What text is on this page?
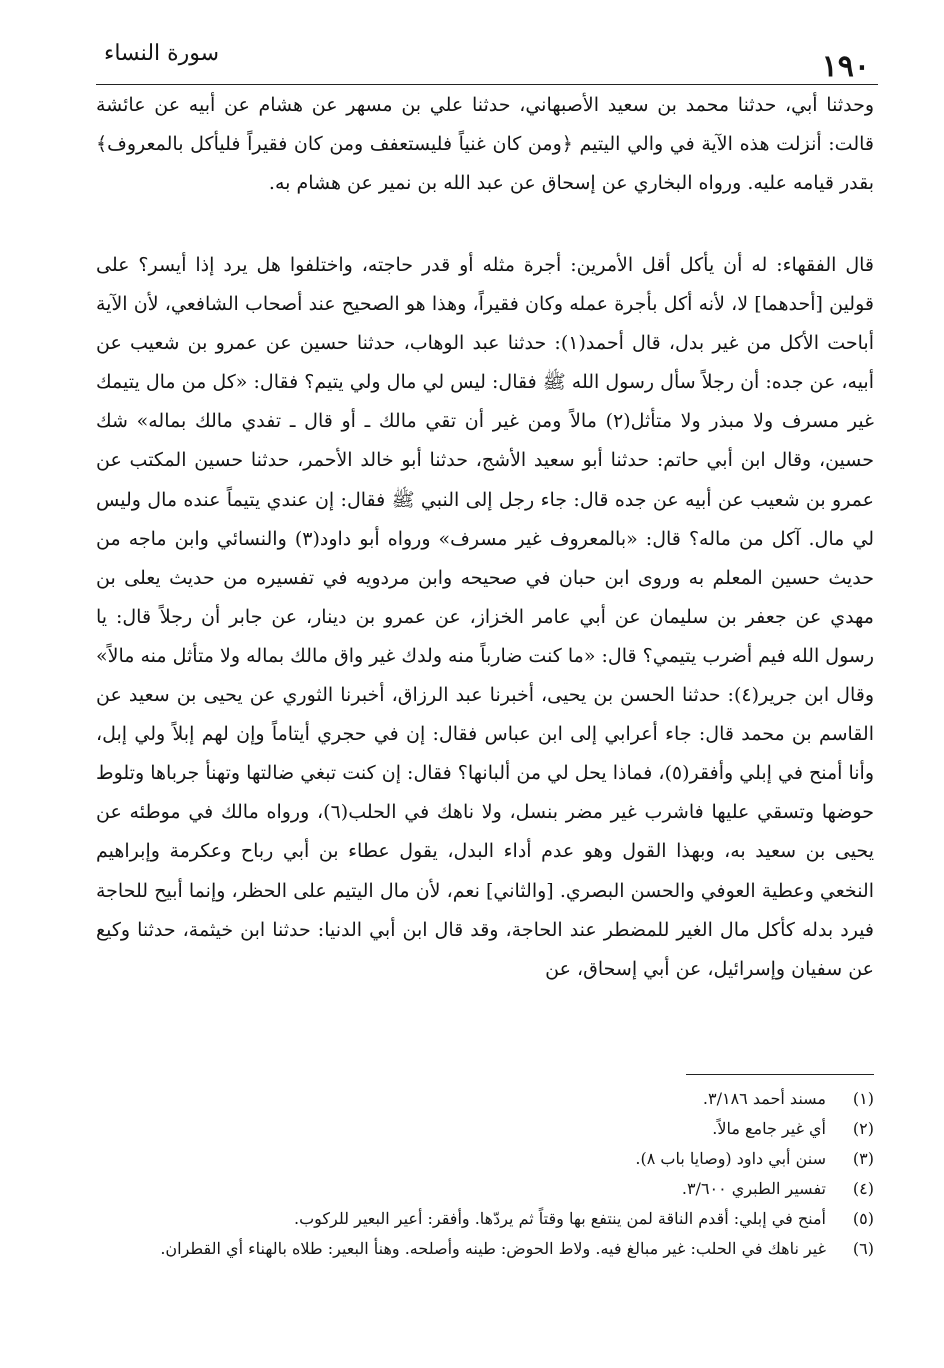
١٩٠
سورة النساء

وحدثنا أبي، حدثنا محمد بن سعيد الأصبهاني، حدثنا علي بن مسهر عن هشام عن أبيه عن عائشة قالت: أنزلت هذه الآية في والي اليتيم ﴿ومن كان غنياً فليستعفف ومن كان فقيراً فليأكل بالمعروف﴾ بقدر قيامه عليه. ورواه البخاري عن إسحاق عن عبد الله بن نمير عن هشام به.

قال الفقهاء: له أن يأكل أقل الأمرين: أجرة مثله أو قدر حاجته، واختلفوا هل يرد إذا أيسر؟ على قولين [أحدهما] لا، لأنه أكل بأجرة عمله وكان فقيراً، وهذا هو الصحيح عند أصحاب الشافعي، لأن الآية أباحت الأكل من غير بدل، قال أحمد(١): حدثنا عبد الوهاب، حدثنا حسين عن عمرو بن شعيب عن أبيه، عن جده: أن رجلاً سأل رسول الله ﷺ فقال: ليس لي مال ولي يتيم؟ فقال: «كل من مال يتيمك غير مسرف ولا مبذر ولا متأثل(٢) مالاً ومن غير أن تقي مالك ـ أو قال ـ تفدي مالك بماله» شك حسين، وقال ابن أبي حاتم: حدثنا أبو سعيد الأشج، حدثنا أبو خالد الأحمر، حدثنا حسين المكتب عن عمرو بن شعيب عن أبيه عن جده قال: جاء رجل إلى النبي ﷺ فقال: إن عندي يتيماً عنده مال وليس لي مال. آكل من ماله؟ قال: «بالمعروف غير مسرف» ورواه أبو داود(٣) والنسائي وابن ماجه من حديث حسين المعلم به وروى ابن حبان في صحيحه وابن مردويه في تفسيره من حديث يعلى بن مهدي عن جعفر بن سليمان عن أبي عامر الخزاز، عن عمرو بن دينار، عن جابر أن رجلاً قال: يا رسول الله فيم أضرب يتيمي؟ قال: «ما كنت ضارباً منه ولدك غير واق مالك بماله ولا متأثل منه مالاً» وقال ابن جرير(٤): حدثنا الحسن بن يحيى، أخبرنا عبد الرزاق، أخبرنا الثوري عن يحيى بن سعيد عن القاسم بن محمد قال: جاء أعرابي إلى ابن عباس فقال: إن في حجري أيتاماً وإن لهم إبلاً ولي إبل، وأنا أمنح في إبلي وأفقر(٥)، فماذا يحل لي من ألبانها؟ فقال: إن كنت تبغي ضالتها وتهنأ جرباها وتلوط حوضها وتسقي عليها فاشرب غير مضر بنسل، ولا ناهك في الحلب(٦)، ورواه مالك في موطئه عن يحيى بن سعيد به، وبهذا القول وهو عدم أداء البدل، يقول عطاء بن أبي رباح وعكرمة وإبراهيم النخعي وعطية العوفي والحسن البصري. [والثاني] نعم، لأن مال اليتيم على الحظر، وإنما أبيح للحاجة فيرد بدله كأكل مال الغير للمضطر عند الحاجة، وقد قال ابن أبي الدنيا: حدثنا ابن خيثمة، حدثنا وكيع عن سفيان وإسرائيل، عن أبي إسحاق، عن

(١)
مسند أحمد ٣/١٨٦.
(٢)
أي غير جامع مالاً.
(٣)
سنن أبي داود (وصايا باب ٨).
(٤)
تفسير الطبري ٣/٦٠٠.
(٥)
أمنح في إبلي: أقدم الناقة لمن ينتفع بها وقتاً ثم يردّها. وأفقر: أعير البعير للركوب.
(٦)
غير ناهك في الحلب: غير مبالغ فيه. ولاط الحوض: طينه وأصلحه. وهنأ البعير: طلاه بالهناء أي القطران.
